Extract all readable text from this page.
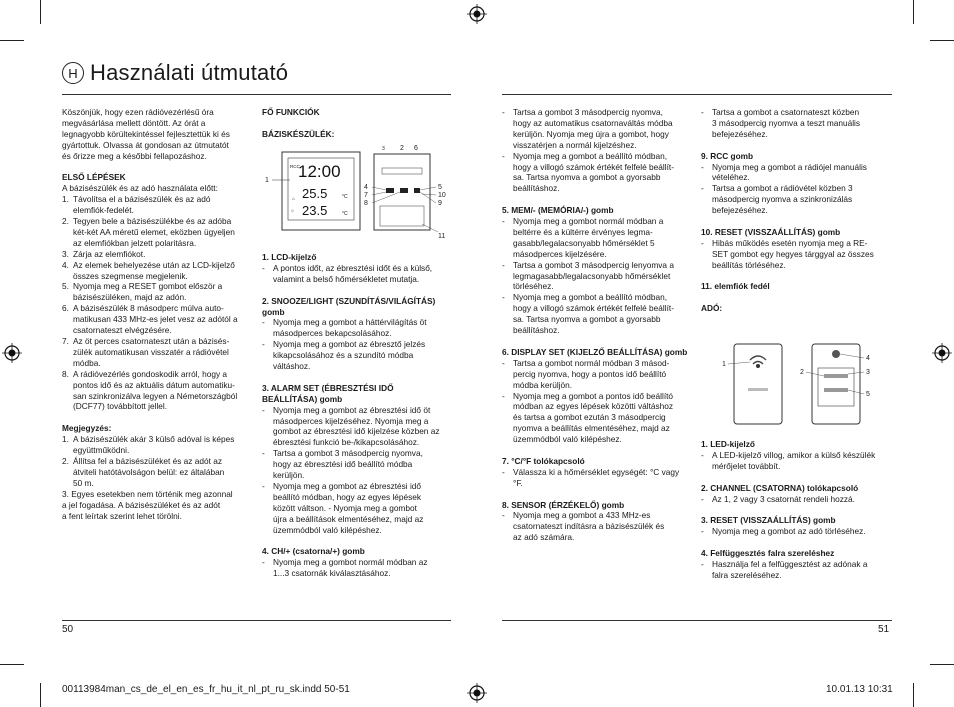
H Használati útmutató

Köszönjük, hogy ezen rádióvezérlésű óra
megvásárlása mellett döntött. Az órát a
legnagyobb körültekintéssel fejlesztettük ki és
gyártottuk. Olvassa át gondosan az útmutatót
és őrizze meg a későbbi fellapozáshoz.

ELSŐ LÉPÉSEK

A bázisészülék és az adó használata előtt:

1. Távolítsa el a bázisészülék és az adó
elemfiók-fedelét.
2. Tegyen bele a bázisészülékbe és az adóba
két-két AA méretű elemet, eközben ügyeljen
az elemfiókban jelzett polaritásra.
3. Zárja az elemfiókot.
4. Az elemek behelyezése után az LCD-kijelző
összes szegmense megjelenik.
5. Nyomja meg a RESET gombot először a
bázisészüléken, majd az adón.
6. A bázisészülék 8 másodperc múlva auto-
matikusan 433 MHz-es jelet vesz az adótól a
csatornateszt elvégzésére.
7. Az öt perces csatornateszt után a bázisés-
zülék automatikusan visszatér a rádióvétel
módba.
8. A rádióvezérlés gondoskodik arról, hogy a
pontos idő és az aktuális dátum automatiku-
san szinkronizálva legyen a Németországból
(DCF77) továbbított jellel.

Megjegyzés:

1. A bázisészülék akár 3 külső adóval is képes
együttműködni.
2. Állítsa fel a bázisészüléket és az adót az
átviteli hatótávolságon belül: ez általában
50 m.

3. Egyes esetekben nem történik meg azonnal
a jel fogadása. A bázisészüléket és az adót
a fent leírtak szerint lehet törölni.

FŐ FUNKCIÓK

BÁZISKÉSZÜLÉK:

RCC
12:00
25.5	°C
23.5	°C
⌂
☼
1
3 2 6
4
7
8
5
10
9
11

1. LCD-kijelző

- A pontos időt, az ébresztési időt és a külső,
valamint a belső hőmérsékletet mutatja.

2. SNOOZE/LIGHT (SZUNDÍTÁS/VILÁGÍTÁS)
gomb

- Nyomja meg a gombot a háttérvilágítás öt
másodperces bekapcsolásához.
- Nyomja meg a gombot az ébresztő jelzés
kikapcsolásához és a szundító módba
váltáshoz.

3. ALARM SET (ÉBRESZTÉSI IDŐ
BEÁLLÍTÁSA) gomb

- Nyomja meg a gombot az ébresztési idő öt
másodperces kijelzéséhez. Nyomja meg a
gombot az ébresztési idő kijelzése közben az
ébresztési funkció be-/kikapcsolásához.
- Tartsa a gombot 3 másodpercig nyomva,
hogy az ébresztési idő beállító módba
kerüljön.
- Nyomja meg a gombot az ébresztési idő
beállító módban, hogy az egyes lépések
között váltson. - Nyomja meg a gombot
újra a beállítások elmentéséhez, majd az
üzemmódból való kilépéshez.

4. CH/+ (csatorna/+) gomb

- Nyomja meg a gombot normál módban az
1...3 csatornák kiválasztásához.
- Tartsa a gombot 3 másodpercig nyomva,
hogy az automatikus csatornaváltás módba
kerüljön. Nyomja meg újra a gombot, hogy
visszatérjen a normál kijelzéshez.
- Nyomja meg a gombot a beállító módban,
hogy a villogó számok értékét felfelé beállít-
sa. Tartsa nyomva a gombot a gyorsabb
beállításhoz.

5. MEM/- (MEMÓRIA/-) gomb

- Nyomja meg a gombot normál módban a
beltérre és a kültérre érvényes legma-
gasabb/legalacsonyabb hőmérséklet 5
másodperces kijelzésére.
- Tartsa a gombot 3 másodpercig lenyomva a
legmagasabb/legalacsonyabb hőmérséklet
törléséhez.
- Nyomja meg a gombot a beállító módban,
hogy a villogó számok értékét felfelé beállít-
sa. Tartsa nyomva a gombot a gyorsabb
beállításhoz.

6. DISPLAY SET (KIJELZŐ BEÁLLÍTÁSA) gomb

- Tartsa a gombot normál módban 3 másod-
percig nyomva, hogy a pontos idő beállító
módba kerüljön.
- Nyomja meg a gombot a pontos idő beállító
módban az egyes lépések közötti váltáshoz
és tartsa a gombot ezután 3 másodpercig
nyomva a beállítás elmentéséhez, majd az
üzemmódból való kilépéshez.

7. °C/°F tolókapcsoló

- Válassza ki a hőmérséklet egységét: °C vagy
°F.

8. SENSOR (ÉRZÉKELŐ) gomb

- Nyomja meg a gombot a 433 MHz-es
csatornateszt indításra a bázisészülék és
az adó számára.
- Tartsa a gombot a csatornateszt közben
3 másodpercig nyomva a teszt manuális
befejezéséhez.

9. RCC gomb

- Nyomja meg a gombot a rádiójel manuális
vételéhez.
- Tartsa a gombot a rádióvétel közben 3
másodpercig nyomva a szinkronizálás
befejezéséhez.

10. RESET (VISSZAÁLLÍTÁS) gomb

- Hibás működés esetén nyomja meg a RE-
SET gombot egy hegyes tárggyal az összes
beállítás törléséhez.

11. elemfiók fedél

ADÓ:

1
2
4
3
5

1. LED-kijelző

- A LED-kijelző villog, amikor a külső készülék
mérőjelet továbbít.

2. CHANNEL (CSATORNA) tolókapcsoló

- Az 1, 2 vagy 3 csatornát rendeli hozzá.

3. RESET (VISSZAÁLLÍTÁS) gomb

- Nyomja meg a gombot az adó törléséhez.

4. Felfüggesztés falra szereléshez

- Használja fel a felfüggesztést az adónak a
falra szereléséhez.
50	51
00113984man_cs_de_el_en_es_fr_hu_it_nl_pt_ru_sk.indd 50-51	10.01.13 10:31
